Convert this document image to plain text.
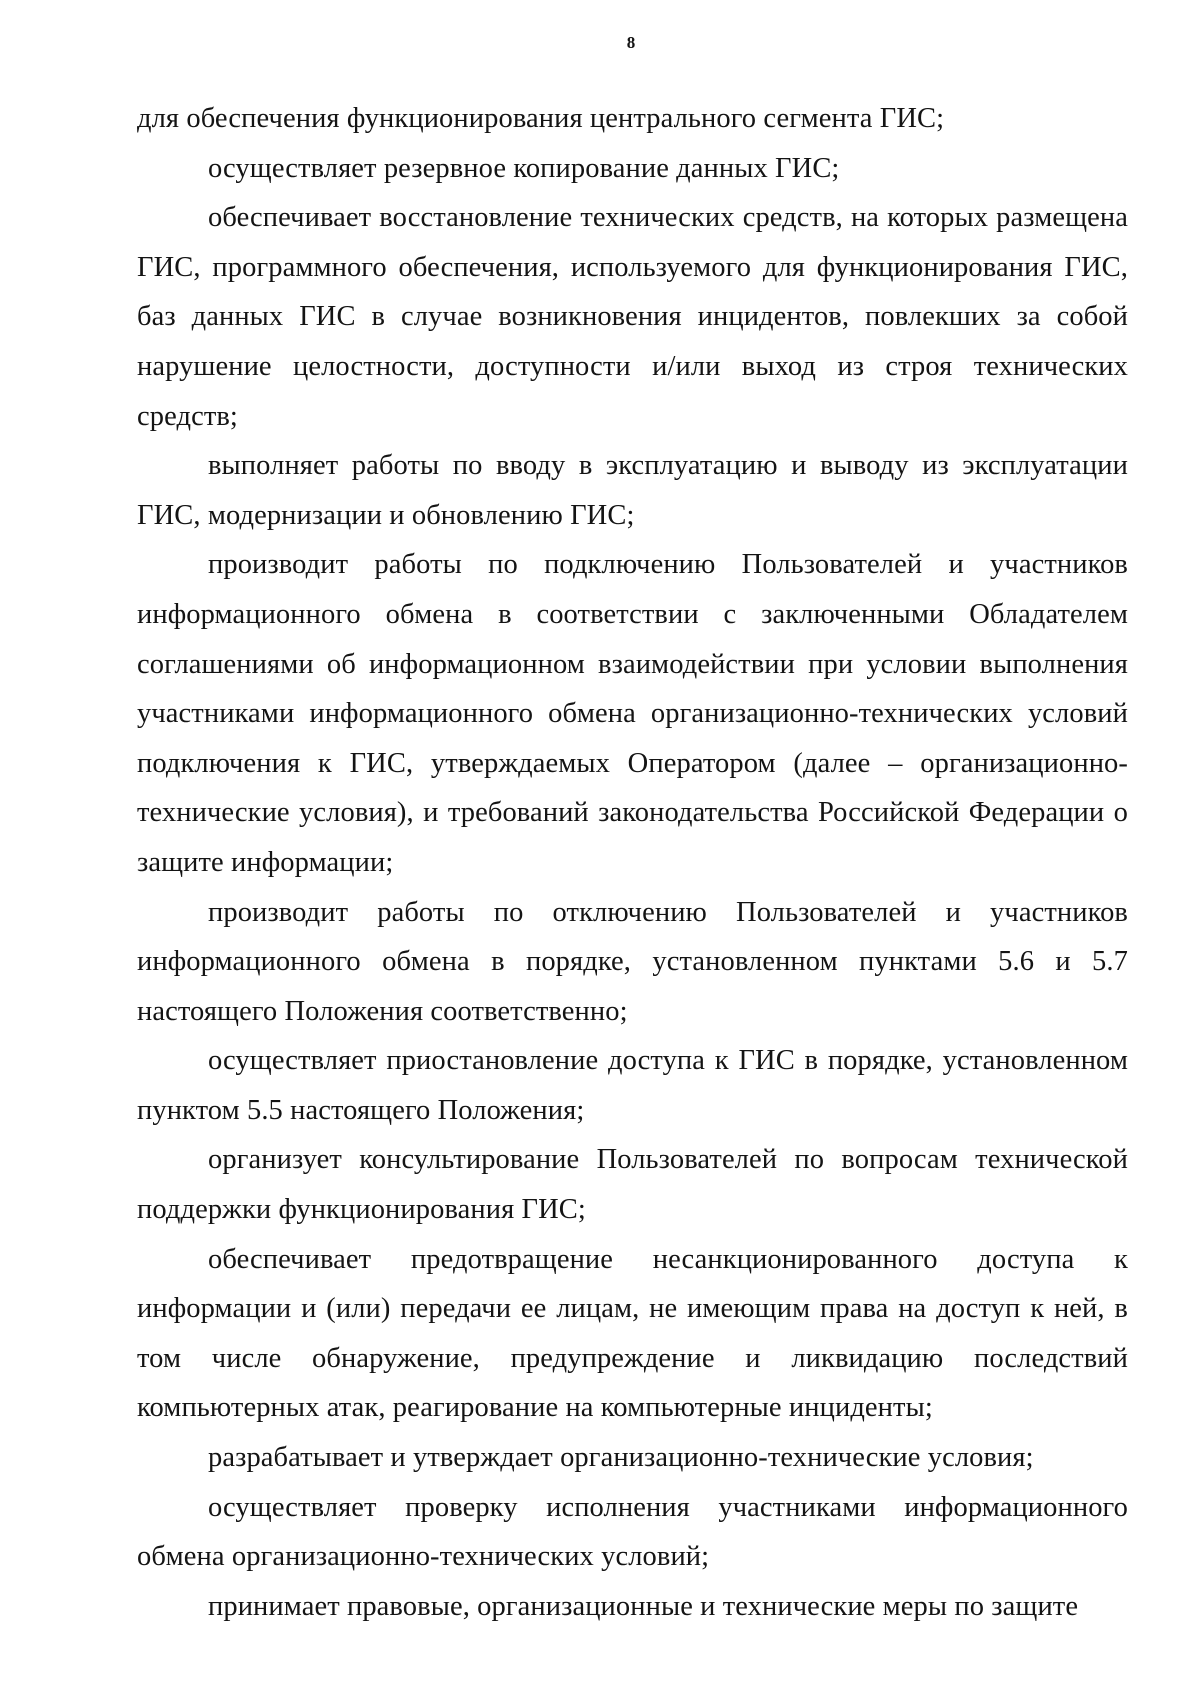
8

для обеспечения функционирования центрального сегмента ГИС;

осуществляет резервное копирование данных ГИС;

обеспечивает восстановление технических средств, на которых размещена ГИС, программного обеспечения, используемого для функционирования ГИС, баз данных ГИС в случае возникновения инцидентов, повлекших за собой нарушение целостности, доступности и/или выход из строя технических средств;

выполняет работы по вводу в эксплуатацию и выводу из эксплуатации ГИС, модернизации и обновлению ГИС;

производит работы по подключению Пользователей и участников информационного обмена в соответствии с заключенными Обладателем соглашениями об информационном взаимодействии при условии выполнения участниками информационного обмена организационно-технических условий подключения к ГИС, утверждаемых Оператором (далее – организационно-технические условия), и требований законодательства Российской Федерации о защите информации;

производит работы по отключению Пользователей и участников информационного обмена в порядке, установленном пунктами 5.6 и 5.7 настоящего Положения соответственно;

осуществляет приостановление доступа к ГИС в порядке, установленном пунктом 5.5 настоящего Положения;

организует консультирование Пользователей по вопросам технической поддержки функционирования ГИС;

обеспечивает предотвращение несанкционированного доступа к информации и (или) передачи ее лицам, не имеющим права на доступ к ней, в том числе обнаружение, предупреждение и ликвидацию последствий компьютерных атак, реагирование на компьютерные инциденты;

разрабатывает и утверждает организационно-технические условия;

осуществляет проверку исполнения участниками информационного обмена организационно-технических условий;

принимает правовые, организационные и технические меры по защите
